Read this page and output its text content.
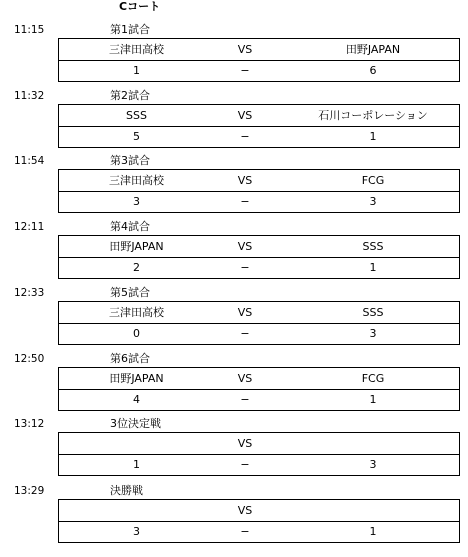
Cコート
11:15	第1試合
三津田高校	VS	田野JAPAN
1	−	6
11:32	第2試合
SSS	VS	石川コーポレーション
5	−	1
11:54	第3試合
三津田高校	VS	FCG
3	−	3
12:11	第4試合
田野JAPAN	VS	SSS
2	−	1
12:33	第5試合
三津田高校	VS	SSS
0	−	3
12:50	第6試合
田野JAPAN	VS	FCG
4	−	1
13:12	3位決定戦
VS
1	−	3
13:29	決勝戦
VS
3	−	1
